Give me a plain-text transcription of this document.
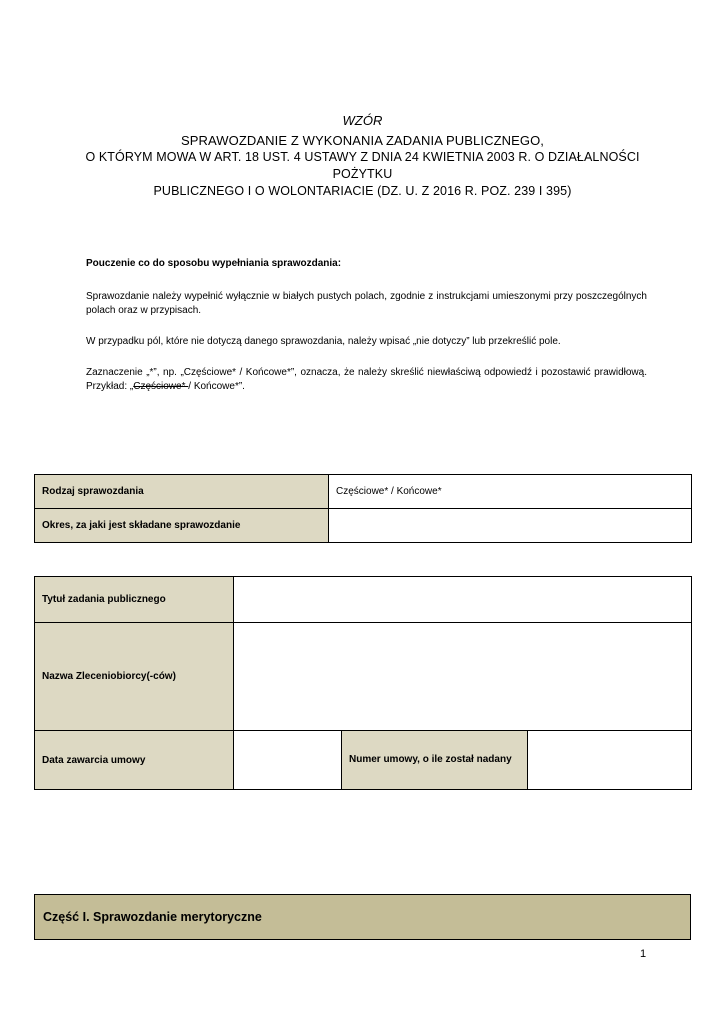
WZÓR
SPRAWOZDANIE Z WYKONANIA ZADANIA PUBLICZNEGO,
O KTÓRYM MOWA W ART. 18 UST. 4 USTAWY Z DNIA 24 KWIETNIA 2003 R. O DZIAŁALNOŚCI POŻYTKU
PUBLICZNEGO I O WOLONTARIACIE (DZ. U. Z 2016 R. POZ. 239 I 395)
Pouczenie co do sposobu wypełniania sprawozdania:
Sprawozdanie należy wypełnić wyłącznie w białych pustych polach, zgodnie z instrukcjami umieszonymi przy poszczególnych polach oraz w przypisach.
W przypadku pól, które nie dotyczą danego sprawozdania, należy wpisać „nie dotyczy” lub przekreślić pole.
Zaznaczenie „*”, np. „Częściowe* / Końcowe*”, oznacza, że należy skreślić niewłaściwą odpowiedź i pozostawić prawidłową. Przykład: „Częściowe* / Końcowe*”.
Rodzaj sprawozdania	Częściowe* / Końcowe*
Okres, za jaki jest składane sprawozdanie	
Tytuł zadania publicznego			
Nazwa Zleceniobiorcy(-ców)			
Data zawarcia umowy		Numer umowy, o ile został nadany	
Część I. Sprawozdanie merytoryczne
1
